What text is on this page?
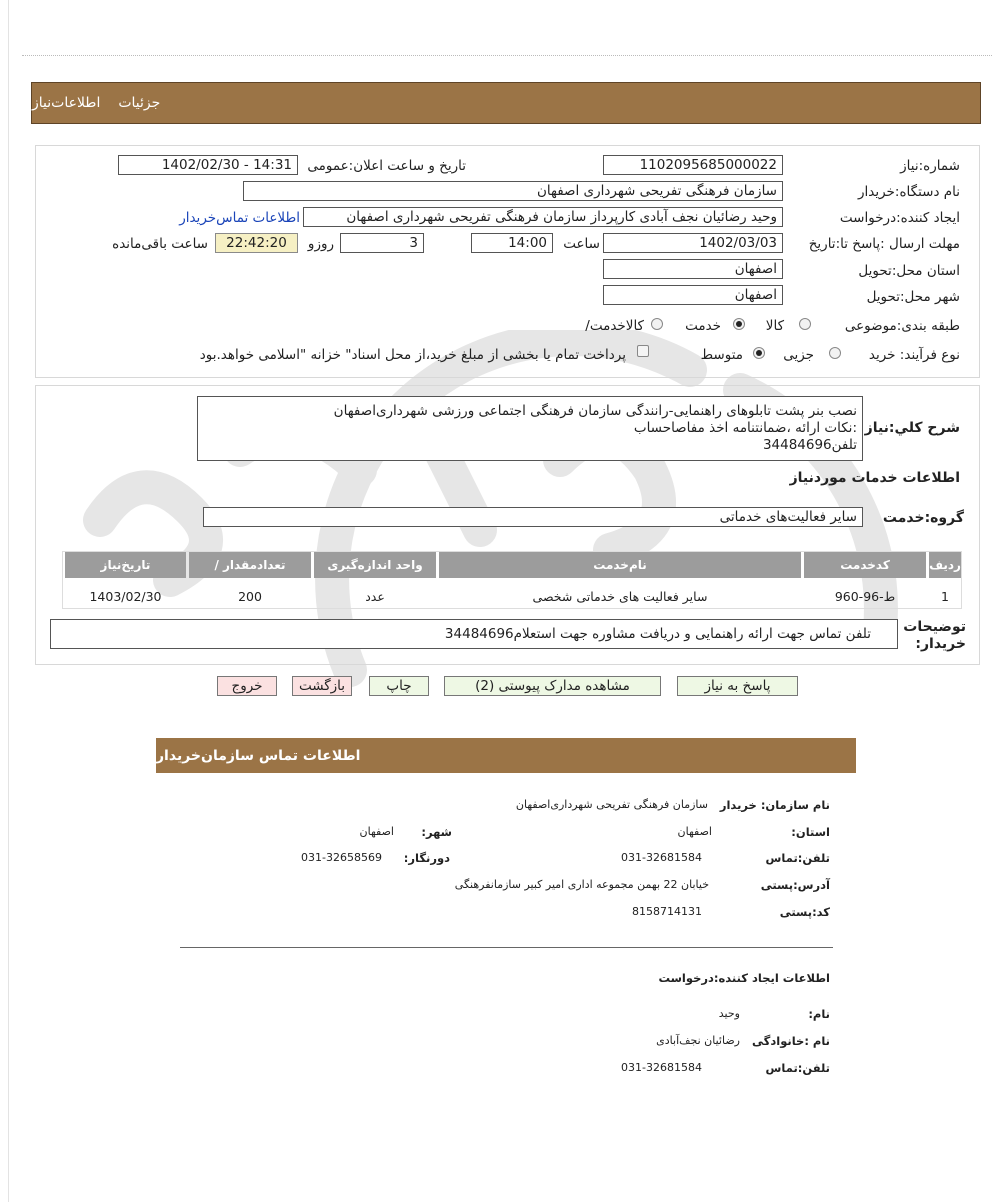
جزئیات
اطلاعات‌نیاز
شماره:نیاز
1102095685000022
تاریخ و ساعت اعلان:عمومی
1402/02/30 - 14:31
نام دستگاه:خریدار
سازمان فرهنگی تفریحی شهرداری اصفهان
ایجاد کننده:درخواست
وحید رضائیان نجف آبادی کارپرداز سازمان فرهنگی تفریحی شهرداری اصفهان
اطلاعات تماس‌خریدار
مهلت ارسال :پاسخ تا:تاریخ
1402/03/03
ساعت
14:00
3
روزو
22:42:20
ساعت باقی‌مانده
استان محل:تحویل
اصفهان
شهر محل:تحویل
اصفهان
طبقه بندی:موضوعی
کالا
خدمت
/کالاخدمت
نوع فرآیند: خرید
جزیی
متوسط
پرداخت تمام یا بخشی از مبلغ خرید،از محل اسناد" خزانه "اسلامی خواهد.بود
شرح کلي:نیاز
نصب بنر پشت تابلوهای راهنمایی-رانندگی سازمان فرهنگی اجتماعی ورزشی شهرداری‌اصفهان
:نکات ارائه ،ضمانتنامه اخذ مفاصاحساب
تلفن34484696
اطلاعات خدمات موردنیاز
گروه:خدمت
سایر فعالیت‌های خدماتی
ردیف
کدخدمت
نام‌خدمت
واحد اندازه‌گیری
/ تعدادمقدار
تاریخ‌نیاز
1
ط-96-960
سایر فعالیت های خدماتی شخصی
عدد
200
1403/02/30
توضیحات
:خریدار
تلفن تماس جهت ارائه راهنمایی و دریافت مشاوره جهت استعلام34484696
پاسخ به نیاز
مشاهده مدارک پیوستی (2)
چاپ
بازگشت
خروج
اطلاعات تماس سازمان‌خریدار
نام سازمان: خریدار
سازمان فرهنگی تفریحی شهرداری‌اصفهان
:استان
اصفهان
:شهر
اصفهان
تلفن:تماس
031-32681584
:دورنگار
031-32658569
آدرس:پستی
خیابان 22 بهمن مجموعه اداری امیر کبیر سازمانفرهنگی
کد:پستی
8158714131
اطلاعات ایجاد کننده:درخواست
:نام
وحید
نام :خانوادگی
رضائیان نجف‌آبادی
تلفن:تماس
031-32681584
